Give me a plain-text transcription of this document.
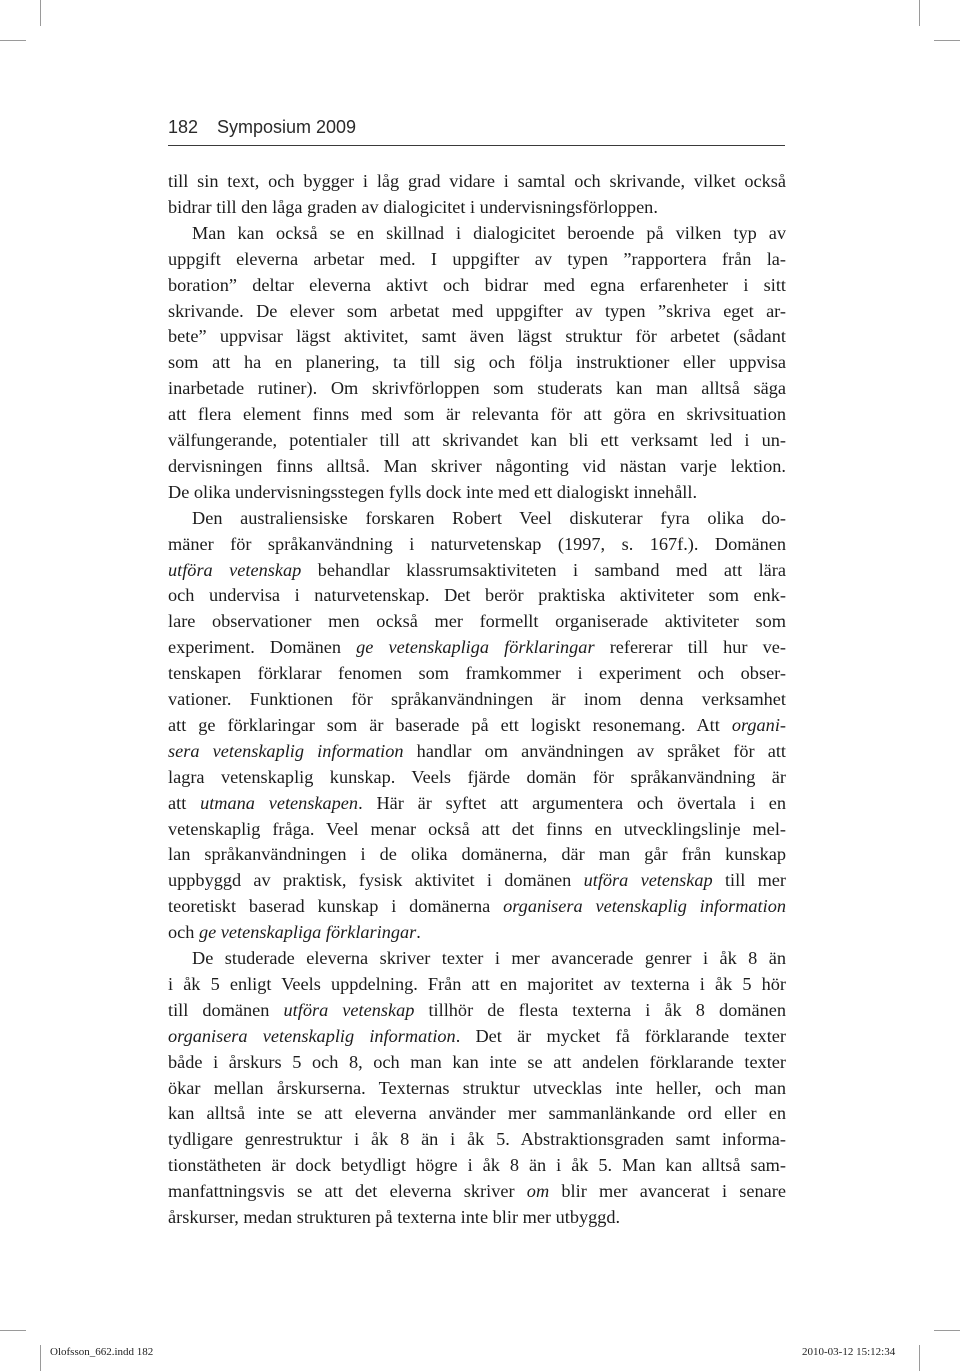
182 Symposium 2009
till sin text, och bygger i låg grad vidare i samtal och skrivande, vilket också
bidrar till den låga graden av dialogicitet i undervisningsförloppen.
Man kan också se en skillnad i dialogicitet beroende på vilken typ av
uppgift eleverna arbetar med. I uppgifter av typen ”rapportera från la-
boration” deltar eleverna aktivt och bidrar med egna erfarenheter i sitt
skrivande. De elever som arbetat med uppgifter av typen ”skriva eget ar-
bete” uppvisar lägst aktivitet, samt även lägst struktur för arbetet (sådant
som att ha en planering, ta till sig och följa instruktioner eller uppvisa
inarbetade rutiner). Om skrivförloppen som studerats kan man alltså säga
att flera element finns med som är relevanta för att göra en skrivsituation
välfungerande, potentialer till att skrivandet kan bli ett verksamt led i un-
dervisningen finns alltså. Man skriver någonting vid nästan varje lektion.
De olika undervisningsstegen fylls dock inte med ett dialogiskt innehåll.
Den australiensiske forskaren Robert Veel diskuterar fyra olika do-
mäner för språkanvändning i naturvetenskap (1997, s. 167f.). Domänen
utföra vetenskap behandlar klassrumsaktiviteten i samband med att lära
och undervisa i naturvetenskap. Det berör praktiska aktiviteter som enk-
lare observationer men också mer formellt organiserade aktiviteter som
experiment. Domänen ge vetenskapliga förklaringar refererar till hur ve-
tenskapen förklarar fenomen som framkommer i experiment och obser-
vationer. Funktionen för språkanvändningen är inom denna verksamhet
att ge förklaringar som är baserade på ett logiskt resonemang. Att organi-
sera vetenskaplig information handlar om användningen av språket för att
lagra vetenskaplig kunskap. Veels fjärde domän för språkanvändning är
att utmana vetenskapen. Här är syftet att argumentera och övertala i en
vetenskaplig fråga. Veel menar också att det finns en utvecklingslinje mel-
lan språkanvändningen i de olika domänerna, där man går från kunskap
uppbyggd av praktisk, fysisk aktivitet i domänen utföra vetenskap till mer
teoretiskt baserad kunskap i domänerna organisera vetenskaplig information
och ge vetenskapliga förklaringar.
De studerade eleverna skriver texter i mer avancerade genrer i åk 8 än
i åk 5 enligt Veels uppdelning. Från att en majoritet av texterna i åk 5 hör
till domänen utföra vetenskap tillhör de flesta texterna i åk 8 domänen
organisera vetenskaplig information. Det är mycket få förklarande texter
både i årskurs 5 och 8, och man kan inte se att andelen förklarande texter
ökar mellan årskurserna. Texternas struktur utvecklas inte heller, och man
kan alltså inte se att eleverna använder mer sammanlänkande ord eller en
tydligare genrestruktur i åk 8 än i åk 5. Abstraktionsgraden samt informa-
tionstätheten är dock betydligt högre i åk 8 än i åk 5. Man kan alltså sam-
manfattningsvis se att det eleverna skriver om blir mer avancerat i senare
årskurser, medan strukturen på texterna inte blir mer utbyggd.
Olofsson_662.indd 182	2010-03-12 15:12:34
